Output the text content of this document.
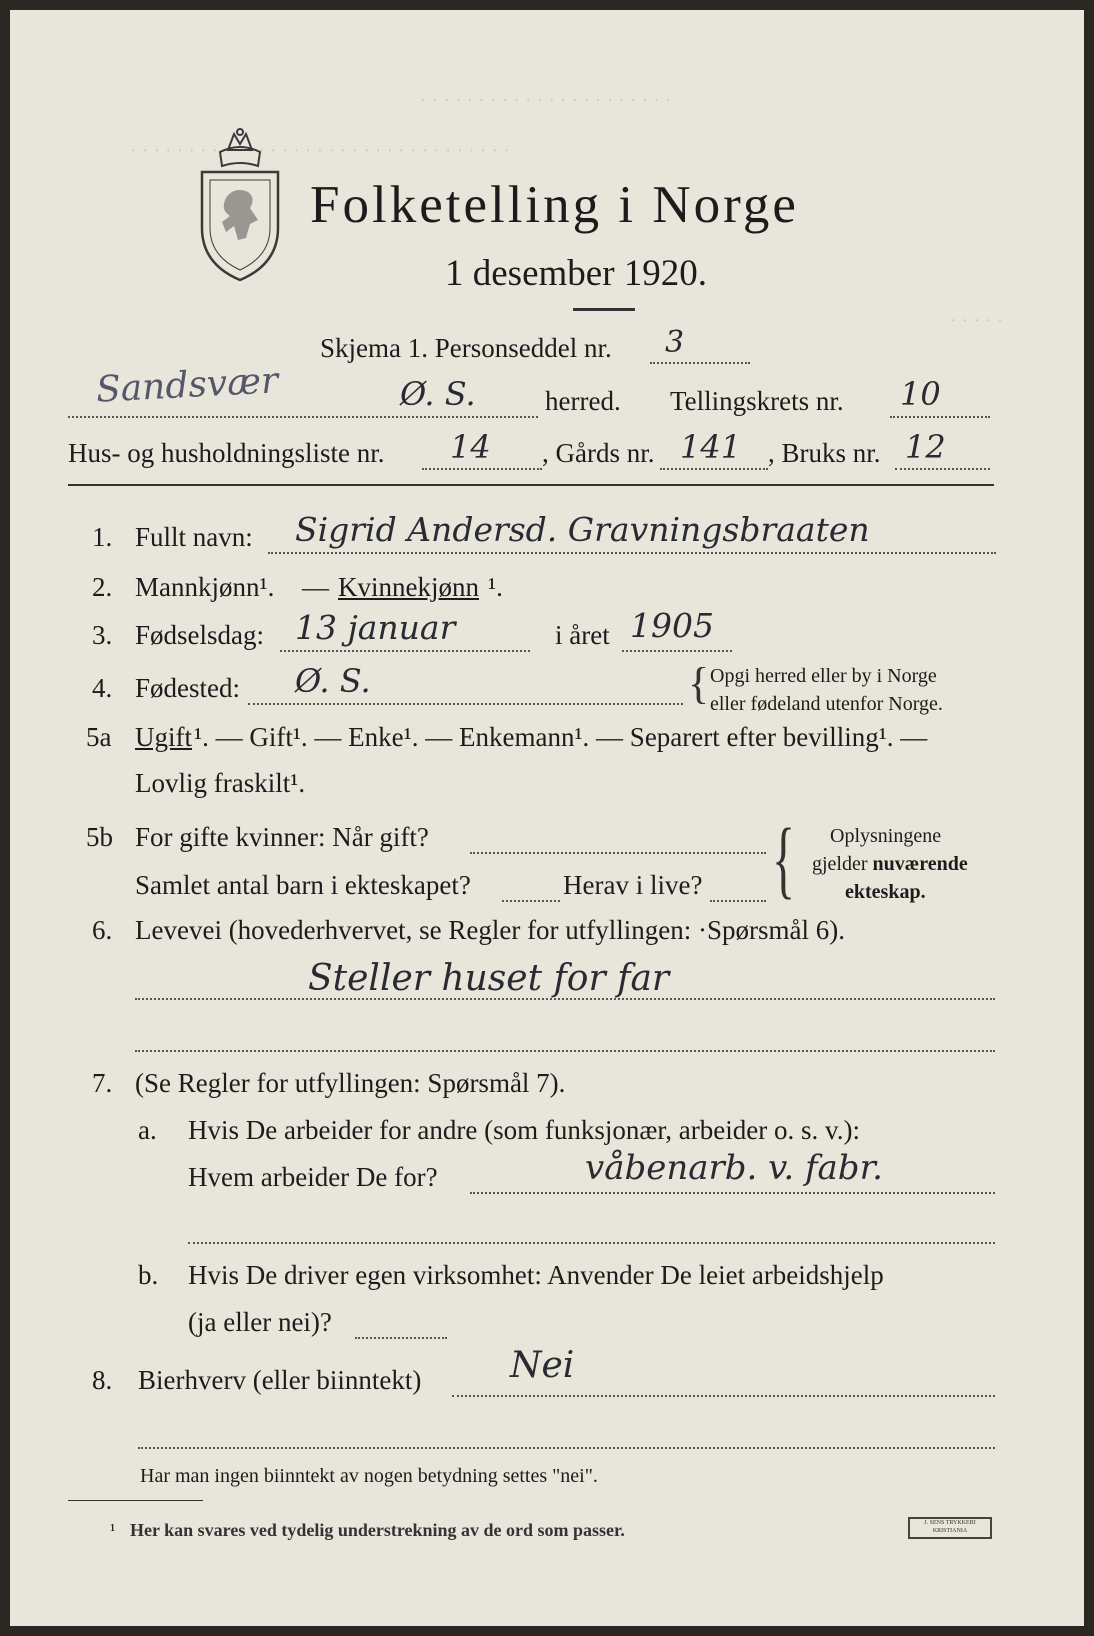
· · · · · · · · · · · · · · · · · · · · · ·
· · · · · · · · · · · · · · · · · · · · · · · · · · · · · · · · ·
· · · · ·
Folketelling i Norge
1 desember 1920.
Skjema 1. Personseddel nr. 3
Sandsvær	Ø. S.	herred. Tellingskrets nr. 10
Hus- og husholdningsliste nr. 14 , Gårds nr. 141 , Bruks nr. 12
1. Fullt navn: Sigrid Andersd. Gravningsbraaten
2. Mannkjønn¹. — Kvinnekjønn ¹.
3. Fødselsdag: 13 januar	i året 1905
4. Fødested: Ø. S.	{ Opgi herred eller by i Norge
eller fødeland utenfor Norge.
5a Ugift ¹. — Gift¹. — Enke¹. — Enkemann¹. — Separert efter bevilling¹. —
Lovlig fraskilt¹.
5b For gifte kvinner: Når gift?
Samlet antal barn i ekteskapet?	Herav i live? { Oplysningene
gjelder nuværende
ekteskap.
6. Levevei (hovederhvervet, se Regler for utfyllingen: ·Spørsmål 6).
Steller huset for far
7. (Se Regler for utfyllingen: Spørsmål 7).
a. Hvis De arbeider for andre (som funksjonær, arbeider o. s. v.):
Hvem arbeider De for?	våbenarb. v. fabr.
b. Hvis De driver egen virksomhet: Anvender De leiet arbeidshjelp
(ja eller nei)?
8. Bierhverv (eller biinntekt) Nei
Har man ingen biinntekt av nogen betydning settes "nei".
¹ Her kan svares ved tydelig understrekning av de ord som passer.	J. SENS TRYKKERI KRISTIANIA
